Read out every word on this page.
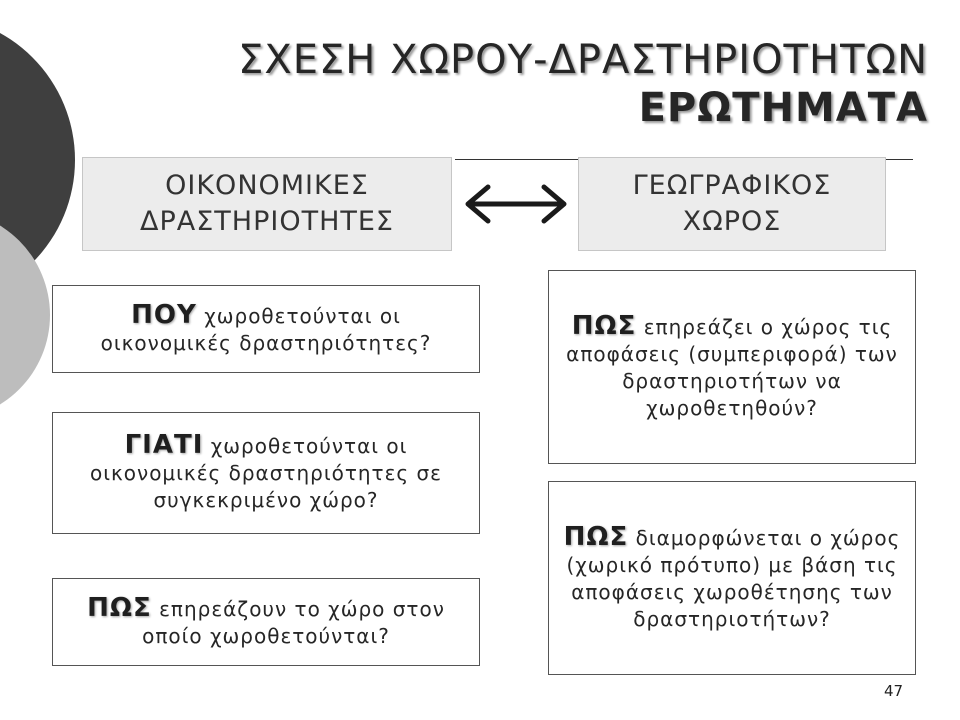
ΣΧΕΣΗ ΧΩΡΟΥ-ΔΡΑΣΤΗΡΙΟΤΗΤΩΝ
ΕΡΩΤΗΜΑΤΑ
ΟΙΚΟΝΟΜΙΚΕΣ ΔΡΑΣΤΗΡΙΟΤΗΤΕΣ
ΓΕΩΓΡΑΦΙΚΟΣ ΧΩΡΟΣ
ΠΟΥ χωροθετούνται οι οικονομικές δραστηριότητες?
ΓΙΑΤΙ χωροθετούνται οι οικονομικές δραστηριότητες σε συγκεκριμένο χώρο?
ΠΩΣ επηρεάζουν το χώρο στον οποίο χωροθετούνται?
ΠΩΣ επηρεάζει ο χώρος τις αποφάσεις (συμπεριφορά) των δραστηριοτήτων να χωροθετηθούν?
ΠΩΣ διαμορφώνεται ο χώρος (χωρικό πρότυπο) με βάση τις αποφάσεις χωροθέτησης των δραστηριοτήτων?
47
